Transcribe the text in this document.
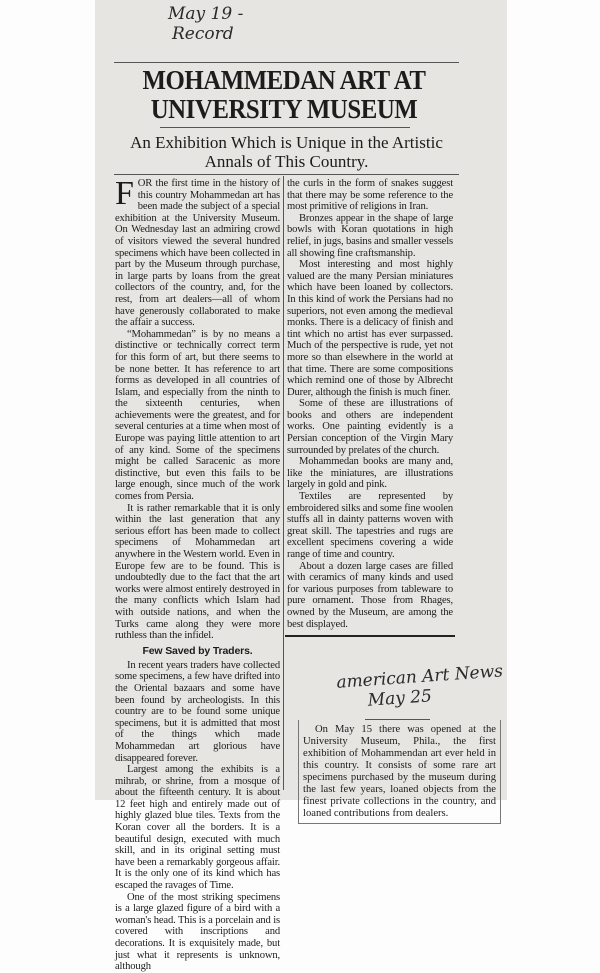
May 19 -
Record
MOHAMMEDAN ART AT UNIVERSITY MUSEUM
An Exhibition Which is Unique in the Artistic Annals of This Country.

FOR the first time in the history of this country Mohammedan art has been made the subject of a special exhibition at the University Museum. On Wednesday last an admiring crowd of visitors viewed the several hundred specimens which have been collected in part by the Museum through purchase, in large parts by loans from the great collectors of the country, and, for the rest, from art dealers—all of whom have generously collaborated to make the affair a success.

“Mohammedan” is by no means a distinctive or technically correct term for this form of art, but there seems to be none better. It has reference to art forms as developed in all countries of Islam, and especially from the ninth to the sixteenth centuries, when achievements were the greatest, and for several centuries at a time when most of Europe was paying little attention to art of any kind. Some of the specimens might be called Saracenic as more distinctive, but even this fails to be large enough, since much of the work comes from Persia.

It is rather remarkable that it is only within the last generation that any serious effort has been made to collect specimens of Mohammedan art anywhere in the Western world. Even in Europe few are to be found. This is undoubtedly due to the fact that the art works were almost entirely destroyed in the many conflicts which Islam had with outside nations, and when the Turks came along they were more ruthless than the infidel.

Few Saved by Traders.

In recent years traders have collected some specimens, a few have drifted into the Oriental bazaars and some have been found by archeologists. In this country are to be found some unique specimens, but it is admitted that most of the things which made Mohammedan art glorious have disappeared forever.

Largest among the exhibits is a mihrab, or shrine, from a mosque of about the fifteenth century. It is about 12 feet high and entirely made out of highly glazed blue tiles. Texts from the Koran cover all the borders. It is a beautiful design, executed with much skill, and in its original setting must have been a remarkably gorgeous affair. It is the only one of its kind which has escaped the ravages of Time.

One of the most striking specimens is a large glazed figure of a bird with a woman's head. This is a porcelain and is covered with inscriptions and decorations. It is exquisitely made, but just what it represents is unknown, although

the curls in the form of snakes suggest that there may be some reference to the most primitive of religions in Iran.

Bronzes appear in the shape of large bowls with Koran quotations in high relief, in jugs, basins and smaller vessels all showing fine craftsmanship.

Most interesting and most highly valued are the many Persian miniatures which have been loaned by collectors. In this kind of work the Persians had no superiors, not even among the medieval monks. There is a delicacy of finish and tint which no artist has ever surpassed. Much of the perspective is rude, yet not more so than elsewhere in the world at that time. There are some compositions which remind one of those by Albrecht Durer, although the finish is much finer.

Some of these are illustrations of books and others are independent works. One painting evidently is a Persian conception of the Virgin Mary surrounded by prelates of the church.

Mohammedan books are many and, like the miniatures, are illustrations largely in gold and pink.

Textiles are represented by embroidered silks and some fine woolen stuffs all in dainty patterns woven with great skill. The tapestries and rugs are excellent specimens covering a wide range of time and country.

About a dozen large cases are filled with ceramics of many kinds and used for various purposes from tableware to pure ornament. Those from Rhages, owned by the Museum, are among the best displayed.

american Art News
May 25

On May 15 there was opened at the University Museum, Phila., the first exhibition of Mohammendan art ever held in this country. It consists of some rare art specimens purchased by the museum during the last few years, loaned objects from the finest private collections in the country, and loaned contributions from dealers.
